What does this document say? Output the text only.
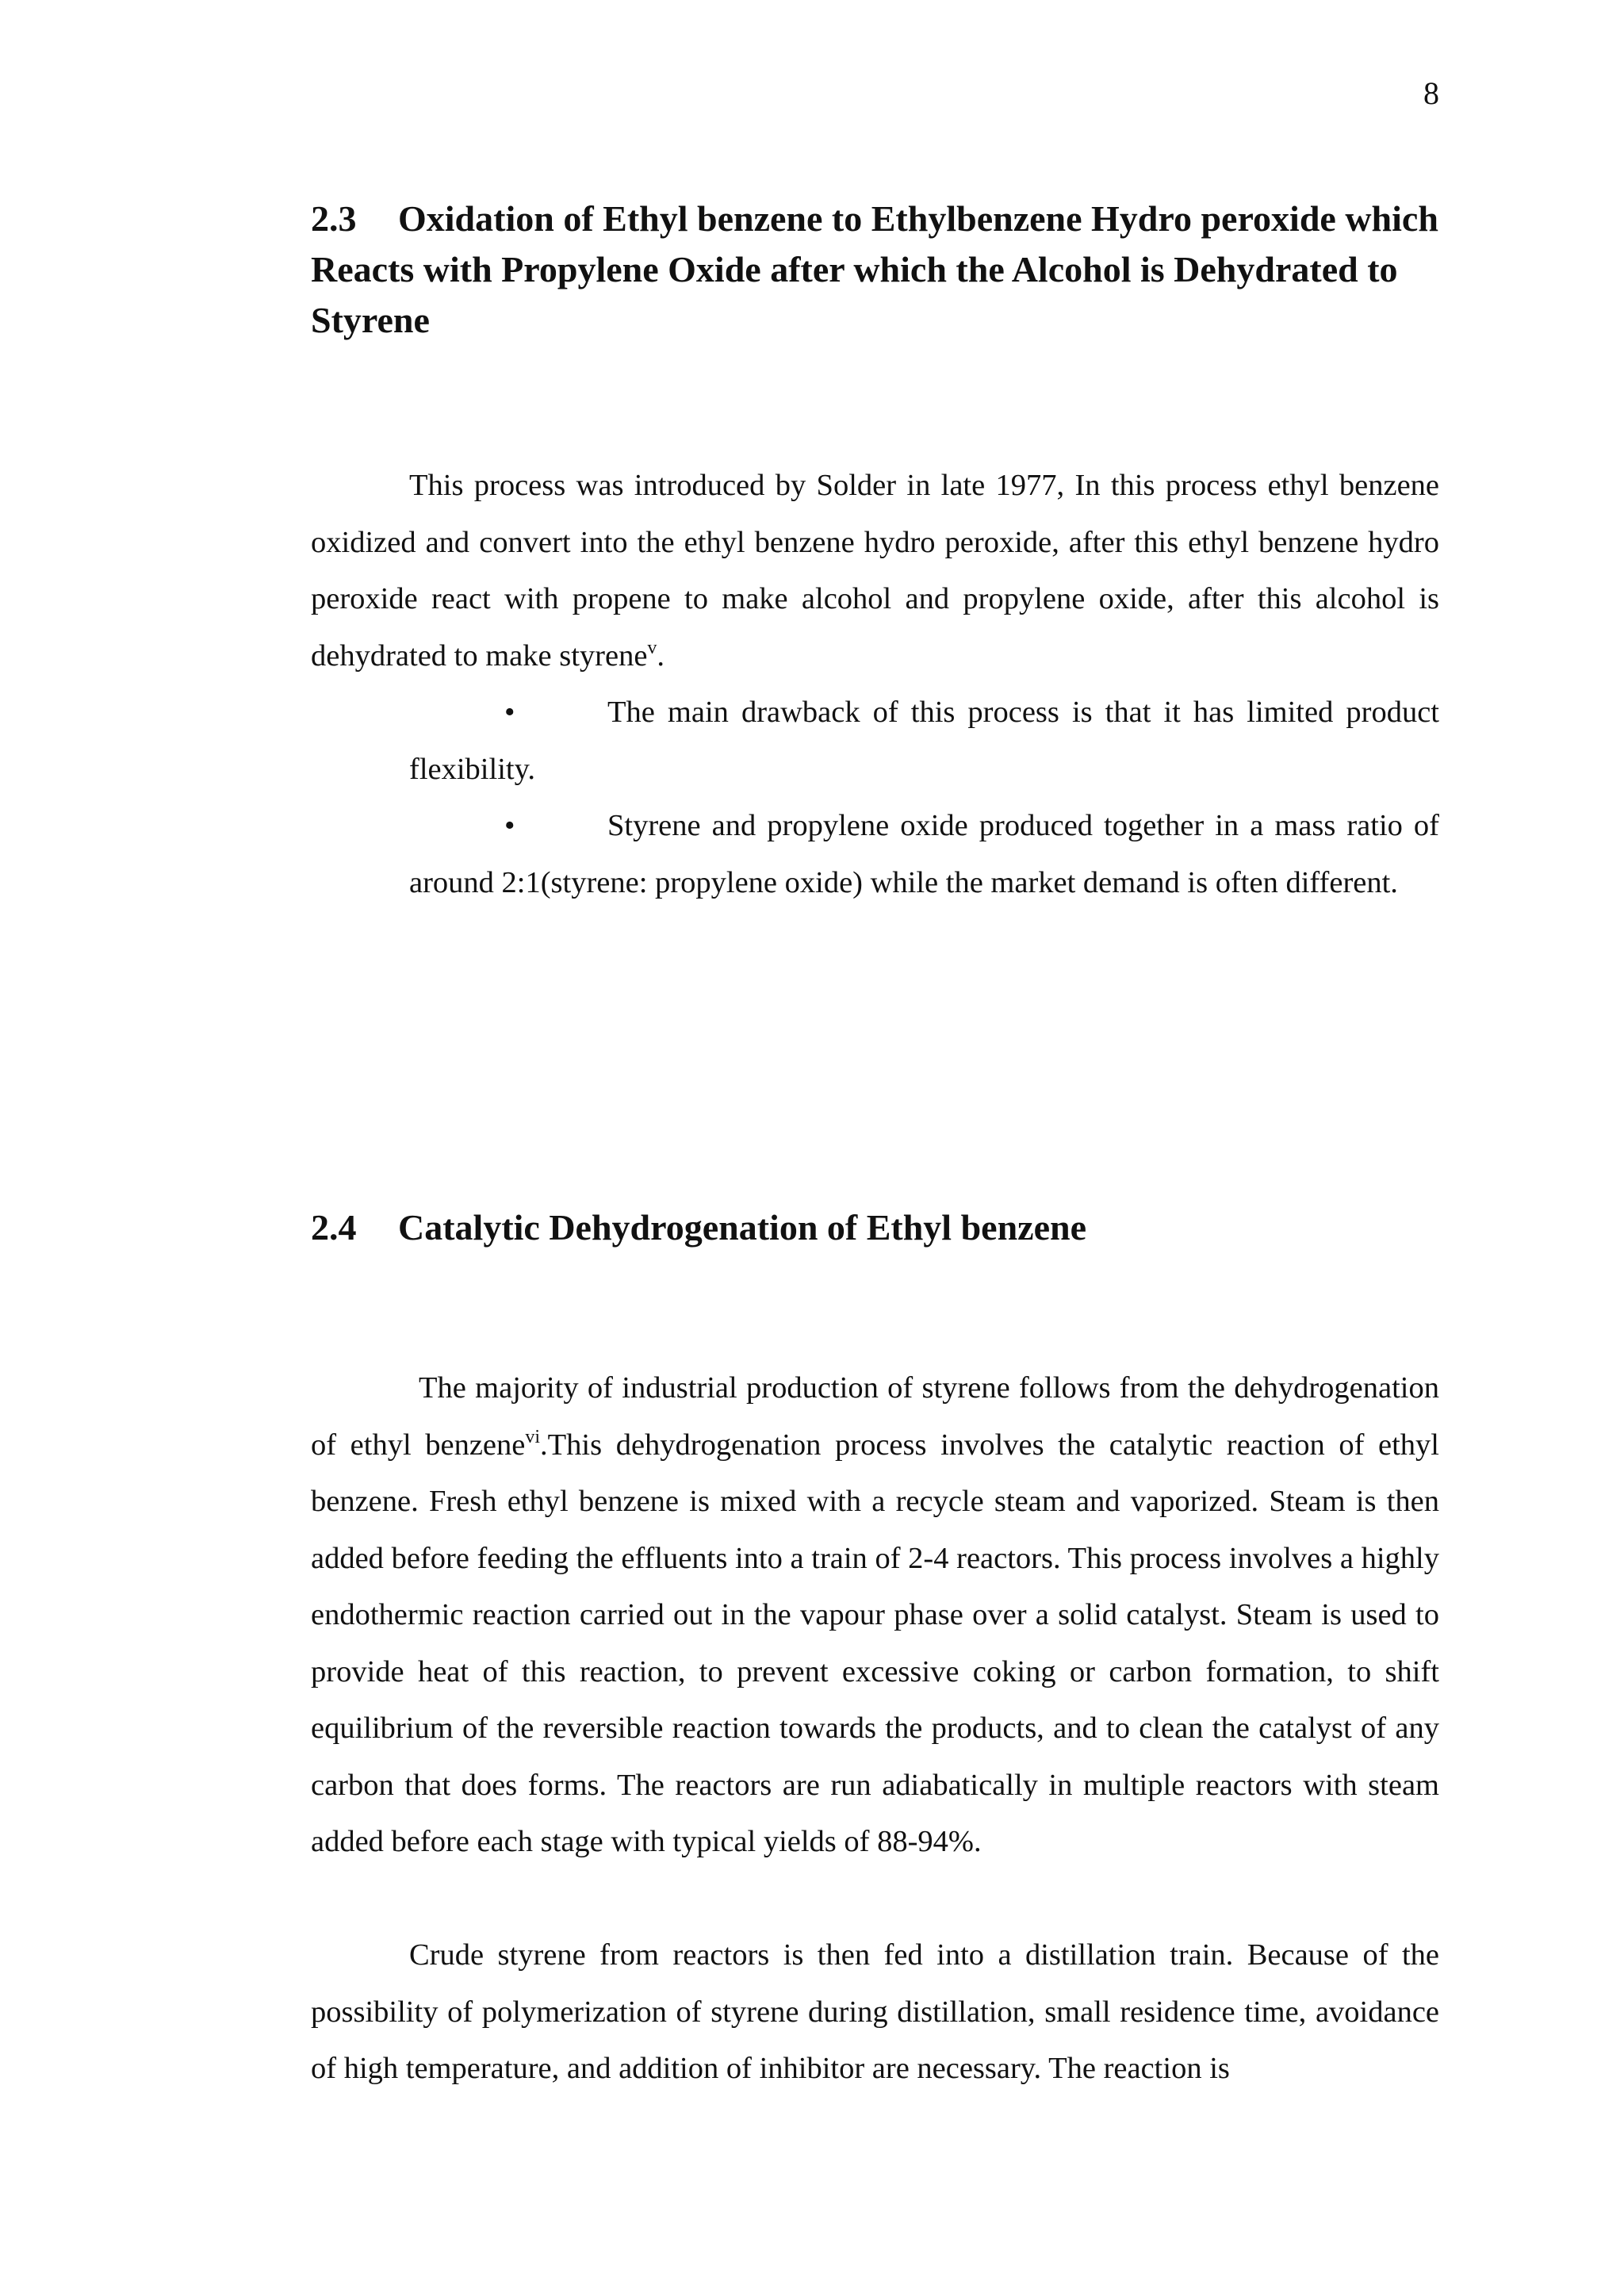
8
2.3 Oxidation of Ethyl benzene to Ethylbenzene Hydro peroxide which Reacts with Propylene Oxide after which the Alcohol is Dehydrated to Styrene

This process was introduced by Solder in late 1977, In this process ethyl benzene oxidized and convert into the ethyl benzene hydro peroxide, after this ethyl benzene hydro peroxide react with propene to make alcohol and propylene oxide, after this alcohol is dehydrated to make styrene$^v$.

•	The main drawback of this process is that it has limited product flexibility.

•	Styrene and propylene oxide produced together in a mass ratio of around 2:1(styrene: propylene oxide) while the market demand is often different.

2.4 Catalytic Dehydrogenation of Ethyl benzene

The majority of industrial production of styrene follows from the dehydrogenation of ethyl benzene$^{vi}$.This dehydrogenation process involves the catalytic reaction of ethyl benzene. Fresh ethyl benzene is mixed with a recycle steam and vaporized. Steam is then added before feeding the effluents into a train of 2-4 reactors. This process involves a highly endothermic reaction carried out in the vapour phase over a solid catalyst. Steam is used to provide heat of this reaction, to prevent excessive coking or carbon formation, to shift equilibrium of the reversible reaction towards the products, and to clean the catalyst of any carbon that does forms. The reactors are run adiabatically in multiple reactors with steam added before each stage with typical yields of 88-94%.

Crude styrene from reactors is then fed into a distillation train. Because of the possibility of polymerization of styrene during distillation, small residence time, avoidance of high temperature, and addition of inhibitor are necessary. The reaction is
